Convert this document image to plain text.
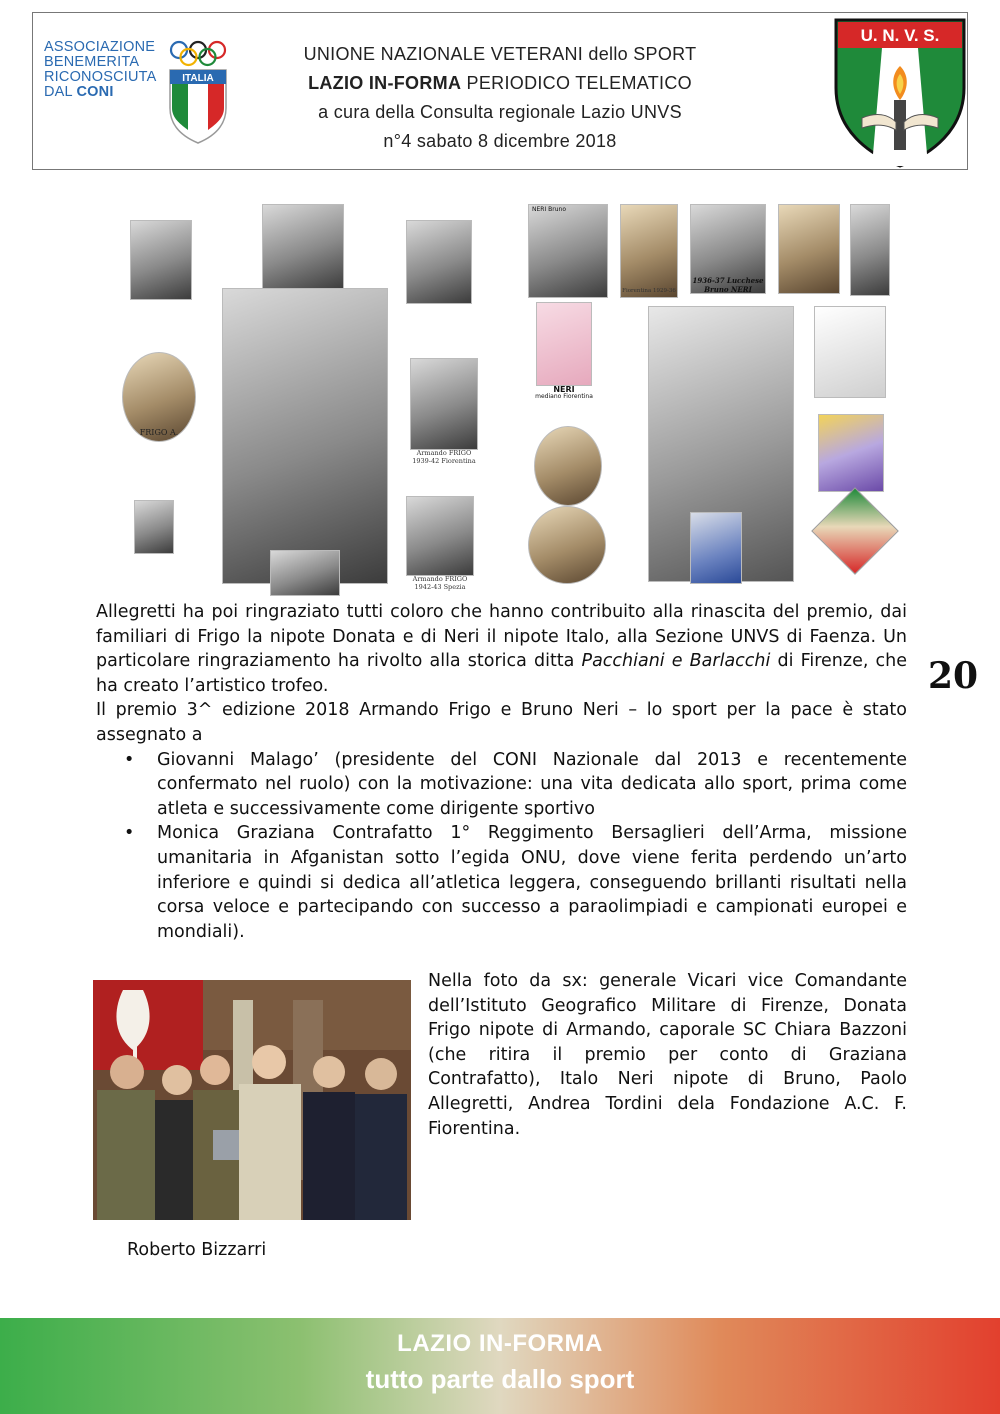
ASSOCIAZIONE
BENEMERITA
RICONOSCIUTA
DAL CONI
ITALIA
UNIONE NAZIONALE VETERANI dello SPORT
LAZIO IN-FORMA PERIODICO TELEMATICO
a cura della Consulta regionale Lazio UNVS
n°4 sabato 8 dicembre 2018
U. N. V. S.
20
FRIGO A.
Armando FRIGO
1939-42 Fiorentina
Armando FRIGO
1942-43 Spezia
NERI Bruno
Fiorentina 1929-36
1936-37 Lucchese
Bruno NERI
NERI
mediano Fiorentina

Allegretti ha poi ringraziato tutti coloro che hanno contribuito alla rinascita del premio, dai familiari di Frigo la nipote Donata e di Neri il nipote Italo, alla Sezione UNVS di Faenza. Un particolare ringraziamento ha rivolto alla storica ditta Pacchiani e Barlacchi di Firenze, che ha creato l’artistico trofeo.

Il premio 3^ edizione 2018 Armando Frigo e Bruno Neri – lo sport per la pace è stato assegnato a

• Giovanni Malago’ (presidente del CONI Nazionale dal 2013 e recentemente confermato nel ruolo) con la motivazione: una vita dedicata allo sport, prima come atleta e successivamente come dirigente sportivo
• Monica Graziana Contrafatto 1° Reggimento Bersaglieri dell’Arma, missione umanitaria in Afganistan sotto l’egida ONU, dove viene ferita perdendo un’arto inferiore e quindi si dedica all’atletica leggera, conseguendo brillanti risultati nella corsa veloce e partecipando con successo a paraolimpiadi e campionati europei e mondiali).
Nella foto da sx: generale Vicari vice Comandante dell’Istituto Geografico Militare di Firenze, Donata Frigo nipote di Armando, caporale SC Chiara Bazzoni (che ritira il premio per conto di Graziana Contrafatto), Italo Neri nipote di Bruno, Paolo Allegretti, Andrea Tordini dela Fondazione A.C. F. Fiorentina.
Roberto Bizzarri
LAZIO IN-FORMA
tutto parte dallo sport
